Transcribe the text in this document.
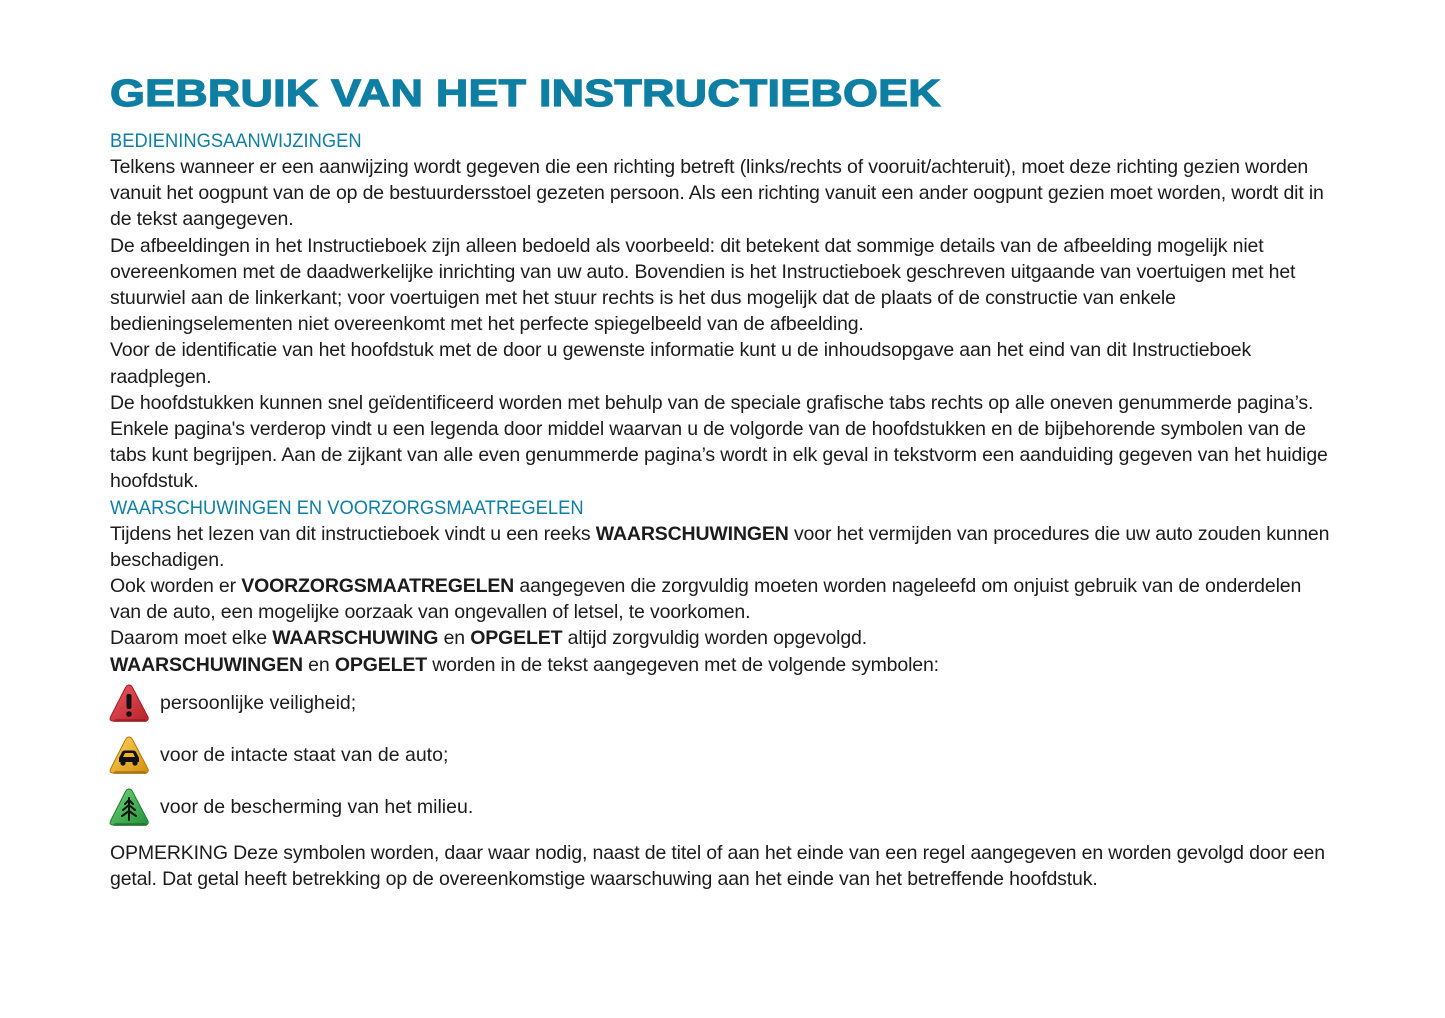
GEBRUIK VAN HET INSTRUCTIEBOEK
BEDIENINGSAANWIJZINGEN

Telkens wanneer er een aanwijzing wordt gegeven die een richting betreft (links/rechts of vooruit/achteruit), moet deze richting gezien worden vanuit het oogpunt van de op de bestuurdersstoel gezeten persoon. Als een richting vanuit een ander oogpunt gezien moet worden, wordt dit in de tekst aangegeven.

De afbeeldingen in het Instructieboek zijn alleen bedoeld als voorbeeld: dit betekent dat sommige details van de afbeelding mogelijk niet overeenkomen met de daadwerkelijke inrichting van uw auto. Bovendien is het Instructieboek geschreven uitgaande van voertuigen met het stuurwiel aan de linkerkant; voor voertuigen met het stuur rechts is het dus mogelijk dat de plaats of de constructie van enkele bedieningselementen niet overeenkomt met het perfecte spiegelbeeld van de afbeelding.

Voor de identificatie van het hoofdstuk met de door u gewenste informatie kunt u de inhoudsopgave aan het eind van dit Instructieboek raadplegen.

De hoofdstukken kunnen snel geïdentificeerd worden met behulp van de speciale grafische tabs rechts op alle oneven genummerde pagina’s. Enkele pagina's verderop vindt u een legenda door middel waarvan u de volgorde van de hoofdstukken en de bijbehorende symbolen van de tabs kunt begrijpen. Aan de zijkant van alle even genummerde pagina’s wordt in elk geval in tekstvorm een aanduiding gegeven van het huidige hoofdstuk.

WAARSCHUWINGEN EN VOORZORGSMAATREGELEN

Tijdens het lezen van dit instructieboek vindt u een reeks WAARSCHUWINGEN voor het vermijden van procedures die uw auto zouden kunnen beschadigen.

Ook worden er VOORZORGSMAATREGELEN aangegeven die zorgvuldig moeten worden nageleefd om onjuist gebruik van de onderdelen van de auto, een mogelijke oorzaak van ongevallen of letsel, te voorkomen.

Daarom moet elke WAARSCHUWING en OPGELET altijd zorgvuldig worden opgevolgd.

WAARSCHUWINGEN en OPGELET worden in de tekst aangegeven met de volgende symbolen:

persoonlijke veiligheid;
voor de intacte staat van de auto;
voor de bescherming van het milieu.

OPMERKING Deze symbolen worden, daar waar nodig, naast de titel of aan het einde van een regel aangegeven en worden gevolgd door een getal. Dat getal heeft betrekking op de overeenkomstige waarschuwing aan het einde van het betreffende hoofdstuk.
